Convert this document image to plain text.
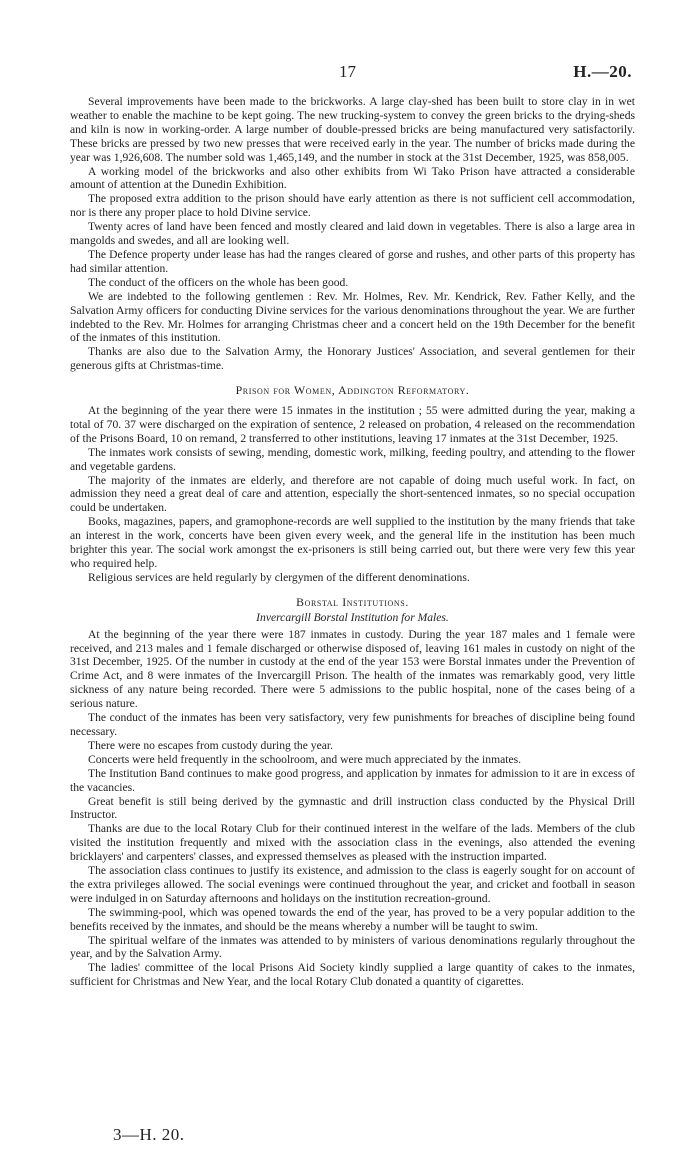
17	H.—20.

Several improvements have been made to the brickworks. A large clay-shed has been built to store clay in in wet weather to enable the machine to be kept going. The new trucking-system to convey the green bricks to the drying-sheds and kiln is now in working-order. A large number of double-pressed bricks are being manufactured very satisfactorily. These bricks are pressed by two new presses that were received early in the year. The number of bricks made during the year was 1,926,608. The number sold was 1,465,149, and the number in stock at the 31st December, 1925, was 858,005.

A working model of the brickworks and also other exhibits from Wi Tako Prison have attracted a considerable amount of attention at the Dunedin Exhibition.

The proposed extra addition to the prison should have early attention as there is not sufficient cell accommodation, nor is there any proper place to hold Divine service.

Twenty acres of land have been fenced and mostly cleared and laid down in vegetables. There is also a large area in mangolds and swedes, and all are looking well.

The Defence property under lease has had the ranges cleared of gorse and rushes, and other parts of this property has had similar attention.

The conduct of the officers on the whole has been good.

We are indebted to the following gentlemen : Rev. Mr. Holmes, Rev. Mr. Kendrick, Rev. Father Kelly, and the Salvation Army officers for conducting Divine services for the various denominations throughout the year. We are further indebted to the Rev. Mr. Holmes for arranging Christmas cheer and a concert held on the 19th December for the benefit of the inmates of this institution.

Thanks are also due to the Salvation Army, the Honorary Justices' Association, and several gentlemen for their generous gifts at Christmas-time.

Prison for Women, Addington Reformatory.

At the beginning of the year there were 15 inmates in the institution ; 55 were admitted during the year, making a total of 70. 37 were discharged on the expiration of sentence, 2 released on probation, 4 released on the recommendation of the Prisons Board, 10 on remand, 2 transferred to other institutions, leaving 17 inmates at the 31st December, 1925.

The inmates work consists of sewing, mending, domestic work, milking, feeding poultry, and attending to the flower and vegetable gardens.

The majority of the inmates are elderly, and therefore are not capable of doing much useful work. In fact, on admission they need a great deal of care and attention, especially the short-sentenced inmates, so no special occupation could be undertaken.

Books, magazines, papers, and gramophone-records are well supplied to the institution by the many friends that take an interest in the work, concerts have been given every week, and the general life in the institution has been much brighter this year. The social work amongst the ex-prisoners is still being carried out, but there were very few this year who required help.

Religious services are held regularly by clergymen of the different denominations.

Borstal Institutions.
Invercargill Borstal Institution for Males.

At the beginning of the year there were 187 inmates in custody. During the year 187 males and 1 female were received, and 213 males and 1 female discharged or otherwise disposed of, leaving 161 males in custody on night of the 31st December, 1925. Of the number in custody at the end of the year 153 were Borstal inmates under the Prevention of Crime Act, and 8 were inmates of the Invercargill Prison. The health of the inmates was remarkably good, very little sickness of any nature being recorded. There were 5 admissions to the public hospital, none of the cases being of a serious nature.

The conduct of the inmates has been very satisfactory, very few punishments for breaches of discipline being found necessary.

There were no escapes from custody during the year.

Concerts were held frequently in the schoolroom, and were much appreciated by the inmates.

The Institution Band continues to make good progress, and application by inmates for admission to it are in excess of the vacancies.

Great benefit is still being derived by the gymnastic and drill instruction class conducted by the Physical Drill Instructor.

Thanks are due to the local Rotary Club for their continued interest in the welfare of the lads. Members of the club visited the institution frequently and mixed with the association class in the evenings, also attended the evening bricklayers' and carpenters' classes, and expressed themselves as pleased with the instruction imparted.

The association class continues to justify its existence, and admission to the class is eagerly sought for on account of the extra privileges allowed. The social evenings were continued throughout the year, and cricket and football in season were indulged in on Saturday afternoons and holidays on the institution recreation-ground.

The swimming-pool, which was opened towards the end of the year, has proved to be a very popular addition to the benefits received by the inmates, and should be the means whereby a number will be taught to swim.

The spiritual welfare of the inmates was attended to by ministers of various denominations regularly throughout the year, and by the Salvation Army.

The ladies' committee of the local Prisons Aid Society kindly supplied a large quantity of cakes to the inmates, sufficient for Christmas and New Year, and the local Rotary Club donated a quantity of cigarettes.

3—H. 20.
